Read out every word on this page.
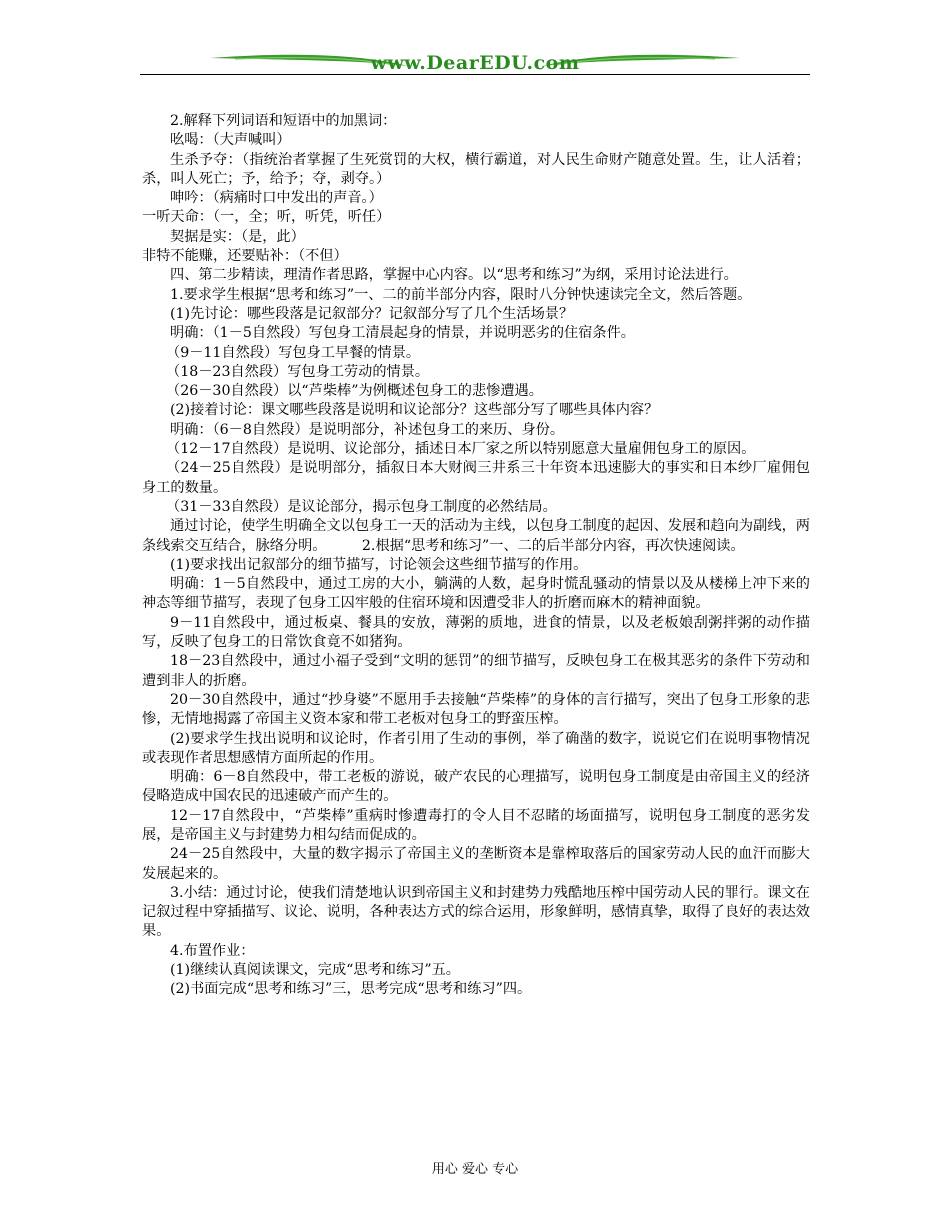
www.DearEDU.com

2.解释下列词语和短语中的加黑词：

吆喝：（大声喊叫）

生杀予夺：（指统治者掌握了生死赏罚的大权，横行霸道，对人民生命财产随意处置。生，让人活着；杀，叫人死亡；予，给予；夺，剥夺。）

呻吟：（病痛时口中发出的声音。）

一听天命：（一，全；听，听凭，听任）

契据是实：（是，此）

非特不能赚，还要贴补：（不但）

四、第二步精读，理清作者思路，掌握中心内容。以“思考和练习”为纲，采用讨论法进行。

1.要求学生根据“思考和练习”一、二的前半部分内容，限时八分钟快速读完全文，然后答题。

(1)先讨论：哪些段落是记叙部分？记叙部分写了几个生活场景？

明确：（1－5自然段）写包身工清晨起身的情景，并说明恶劣的住宿条件。

（9－11自然段）写包身工早餐的情景。

（18－23自然段）写包身工劳动的情景。

（26－30自然段）以“芦柴棒”为例概述包身工的悲惨遭遇。

(2)接着讨论：课文哪些段落是说明和议论部分？这些部分写了哪些具体内容？

明确：（6－8自然段）是说明部分，补述包身工的来历、身份。

（12－17自然段）是说明、议论部分，插述日本厂家之所以特别愿意大量雇佣包身工的原因。

（24－25自然段）是说明部分，插叙日本大财阀三井系三十年资本迅速膨大的事实和日本纱厂雇佣包身工的数量。

（31－33自然段）是议论部分，揭示包身工制度的必然结局。

通过讨论，使学生明确全文以包身工一天的活动为主线，以包身工制度的起因、发展和趋向为副线，两条线索交互结合，脉络分明。　　　2.根据“思考和练习”一、二的后半部分内容，再次快速阅读。

(1)要求找出记叙部分的细节描写，讨论领会这些细节描写的作用。

明确：1－5自然段中，通过工房的大小，躺满的人数，起身时慌乱骚动的情景以及从楼梯上冲下来的神态等细节描写，表现了包身工囚牢般的住宿环境和因遭受非人的折磨而麻木的精神面貌。

9－11自然段中，通过板桌、餐具的安放，薄粥的质地，进食的情景，以及老板娘刮粥拌粥的动作描写，反映了包身工的日常饮食竟不如猪狗。

18－23自然段中，通过小福子受到“文明的惩罚”的细节描写，反映包身工在极其恶劣的条件下劳动和遭到非人的折磨。

20－30自然段中，通过“抄身婆”不愿用手去接触“芦柴棒”的身体的言行描写，突出了包身工形象的悲惨，无情地揭露了帝国主义资本家和带工老板对包身工的野蛮压榨。

(2)要求学生找出说明和议论时，作者引用了生动的事例，举了确凿的数字，说说它们在说明事物情况或表现作者思想感情方面所起的作用。

明确：6－8自然段中，带工老板的游说，破产农民的心理描写，说明包身工制度是由帝国主义的经济侵略造成中国农民的迅速破产而产生的。

12－17自然段中，“芦柴棒”重病时惨遭毒打的令人目不忍睹的场面描写，说明包身工制度的恶劣发展，是帝国主义与封建势力相勾结而促成的。

24－25自然段中，大量的数字揭示了帝国主义的垄断资本是靠榨取落后的国家劳动人民的血汗而膨大发展起来的。

3.小结：通过讨论，使我们清楚地认识到帝国主义和封建势力残酷地压榨中国劳动人民的罪行。课文在记叙过程中穿插描写、议论、说明，各种表达方式的综合运用，形象鲜明，感情真挚，取得了良好的表达效果。

4.布置作业：

(1)继续认真阅读课文，完成“思考和练习”五。

(2)书面完成“思考和练习”三，思考完成“思考和练习”四。

用心 爱心 专心
